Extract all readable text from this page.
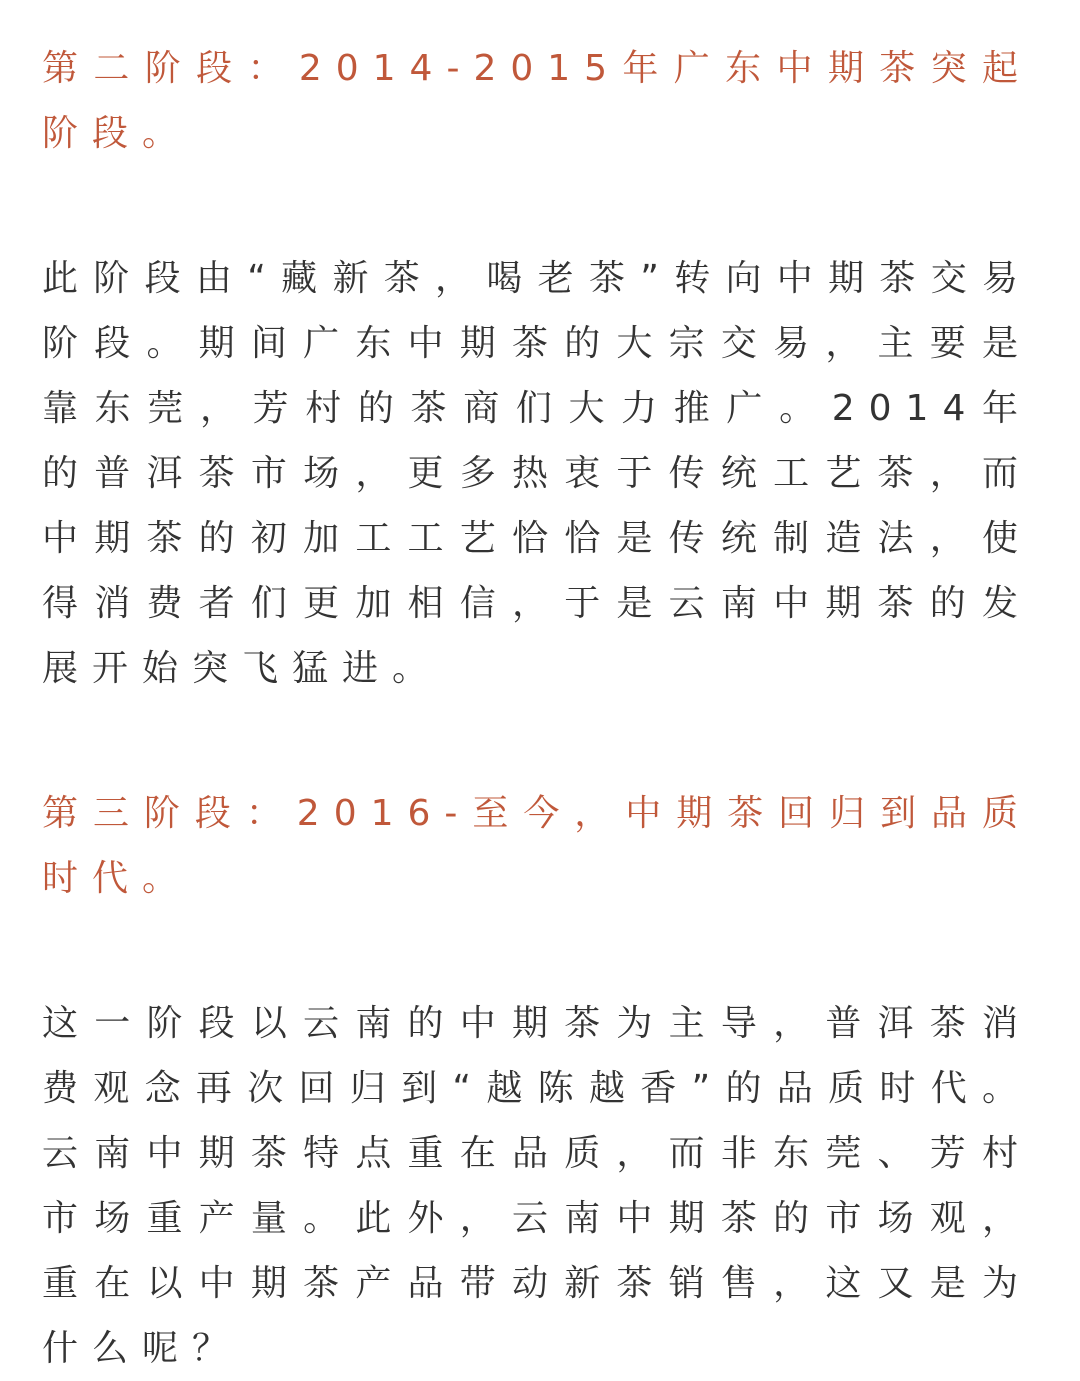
第二阶段：2014-2015年广东中期茶突起阶段。

此阶段由“藏新茶，喝老茶”转向中期茶交易阶段。期间广东中期茶的大宗交易，主要是靠东莞，芳村的茶商们大力推广。2014年的普洱茶市场，更多热衷于传统工艺茶，而中期茶的初加工工艺恰恰是传统制造法，使得消费者们更加相信，于是云南中期茶的发展开始突飞猛进。

第三阶段：2016-至今，中期茶回归到品质时代。

这一阶段以云南的中期茶为主导，普洱茶消费观念再次回归到“越陈越香”的品质时代。云南中期茶特点重在品质，而非东莞、芳村市场重产量。此外，云南中期茶的市场观，重在以中期茶产品带动新茶销售，这又是为什么呢？
